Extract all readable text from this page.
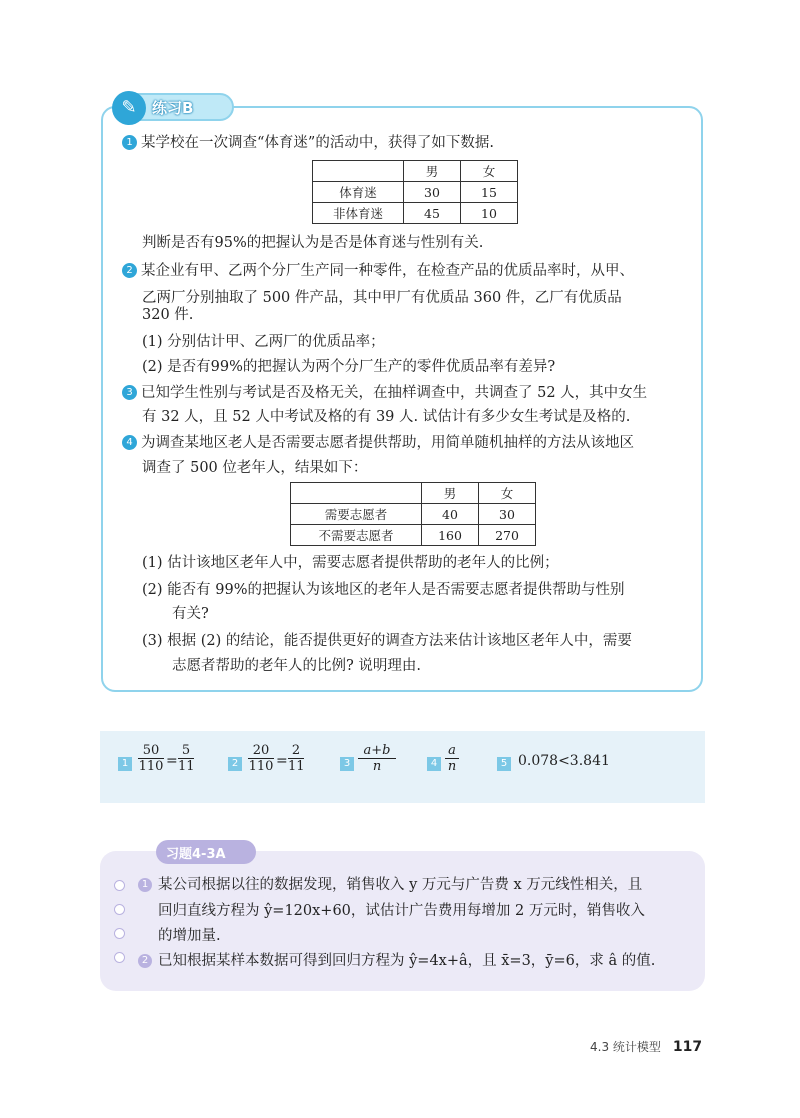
✎	练习B
1 某学校在一次调查“体育迷”的活动中，获得了如下数据.
	男	女
体育迷	30	15
非体育迷	45	10
判断是否有95%的把握认为是否是体育迷与性别有关.
2 某企业有甲、乙两个分厂生产同一种零件，在检查产品的优质品率时，从甲、
乙两厂分别抽取了 500 件产品，其中甲厂有优质品 360 件，乙厂有优质品
320 件.
(1) 分别估计甲、乙两厂的优质品率；
(2) 是否有99%的把握认为两个分厂生产的零件优质品率有差异?
3 已知学生性别与考试是否及格无关，在抽样调查中，共调查了 52 人，其中女生
有 32 人，且 52 人中考试及格的有 39 人. 试估计有多少女生考试是及格的.
4 为调查某地区老人是否需要志愿者提供帮助，用简单随机抽样的方法从该地区
调查了 500 位老年人，结果如下：
	男	女
需要志愿者	40	30
不需要志愿者	160	270
(1) 估计该地区老年人中，需要志愿者提供帮助的老年人的比例；
(2) 能否有 99%的把握认为该地区的老年人是否需要志愿者提供帮助与性别
有关?
(3) 根据 (2) 的结论，能否提供更好的调查方法来估计该地区老年人中，需要
志愿者帮助的老年人的比例? 说明理由.
$1 \frac{50}{110} = \frac{5}{11}$	$2 \frac{20}{110} = \frac{2}{11}$	$3 \frac{a+b}{n}$	$4 \frac{a}{n}$	5 0.078<3.841
习题4-3A
1 某公司根据以往的数据发现，销售收入 y 万元与广告费 x 万元线性相关，且
回归直线方程为 ŷ=120x+60，试估计广告费用每增加 2 万元时，销售收入
的增加量.
2 已知根据某样本数据可得到回归方程为 ŷ=4x+â，且 x̄=3，ȳ=6，求 â 的值.
4.3 统计模型 117
